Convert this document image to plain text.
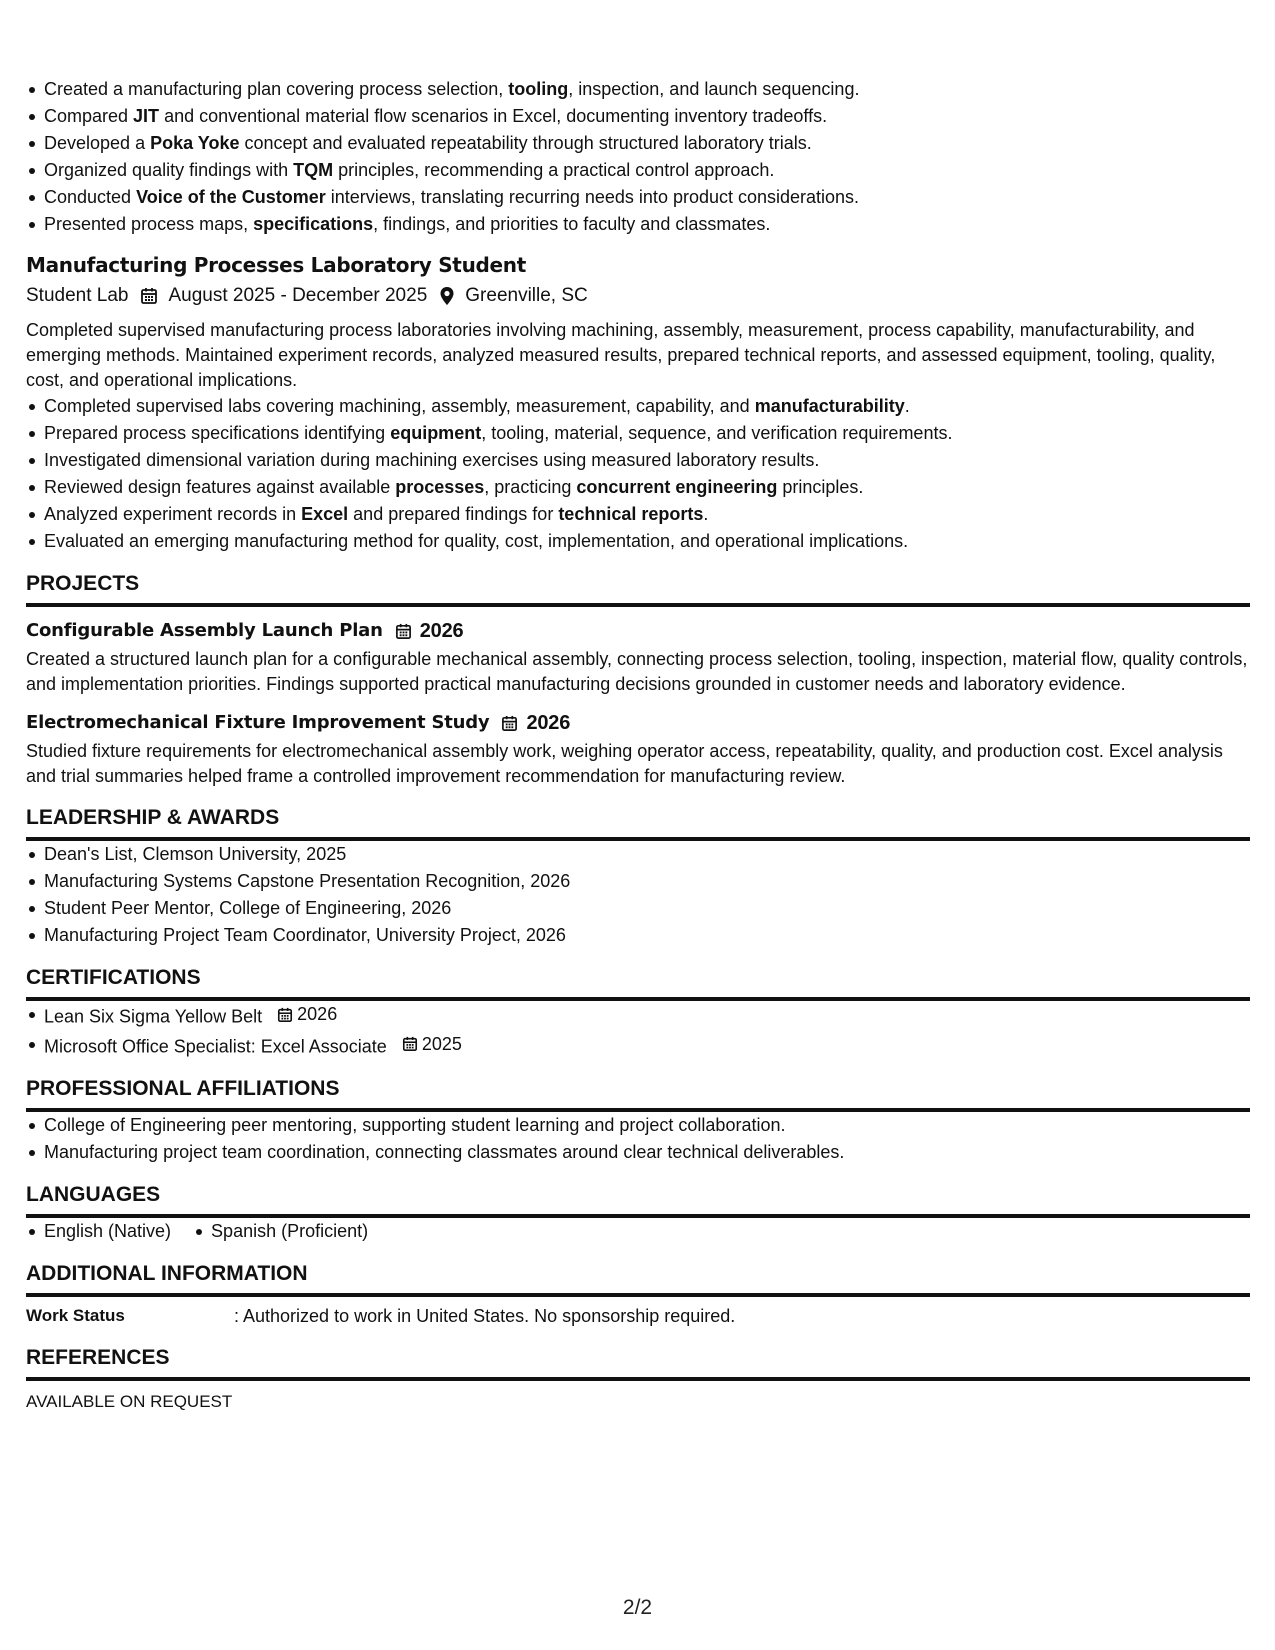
Created a manufacturing plan covering process selection, tooling, inspection, and launch sequencing.
Compared JIT and conventional material flow scenarios in Excel, documenting inventory tradeoffs.
Developed a Poka Yoke concept and evaluated repeatability through structured laboratory trials.
Organized quality findings with TQM principles, recommending a practical control approach.
Conducted Voice of the Customer interviews, translating recurring needs into product considerations.
Presented process maps, specifications, findings, and priorities to faculty and classmates.
Manufacturing Processes Laboratory Student
Student Lab August 2025 - December 2025 Greenville, SC
Completed supervised manufacturing process laboratories involving machining, assembly, measurement, process capability, manufacturability, and emerging methods. Maintained experiment records, analyzed measured results, prepared technical reports, and assessed equipment, tooling, quality, cost, and operational implications.
Completed supervised labs covering machining, assembly, measurement, capability, and manufacturability.
Prepared process specifications identifying equipment, tooling, material, sequence, and verification requirements.
Investigated dimensional variation during machining exercises using measured laboratory results.
Reviewed design features against available processes, practicing concurrent engineering principles.
Analyzed experiment records in Excel and prepared findings for technical reports.
Evaluated an emerging manufacturing method for quality, cost, implementation, and operational implications.
PROJECTS
Configurable Assembly Launch Plan 2026
Created a structured launch plan for a configurable mechanical assembly, connecting process selection, tooling, inspection, material flow, quality controls, and implementation priorities. Findings supported practical manufacturing decisions grounded in customer needs and laboratory evidence.
Electromechanical Fixture Improvement Study 2026
Studied fixture requirements for electromechanical assembly work, weighing operator access, repeatability, quality, and production cost. Excel analysis and trial summaries helped frame a controlled improvement recommendation for manufacturing review.
LEADERSHIP & AWARDS
Dean's List, Clemson University, 2025
Manufacturing Systems Capstone Presentation Recognition, 2026
Student Peer Mentor, College of Engineering, 2026
Manufacturing Project Team Coordinator, University Project, 2026
CERTIFICATIONS
Lean Six Sigma Yellow Belt 2026
Microsoft Office Specialist: Excel Associate 2025
PROFESSIONAL AFFILIATIONS
College of Engineering peer mentoring, supporting student learning and project collaboration.
Manufacturing project team coordination, connecting classmates around clear technical deliverables.
LANGUAGES
English (Native) Spanish (Proficient)
ADDITIONAL INFORMATION
Work Status	: Authorized to work in United States. No sponsorship required.
REFERENCES
AVAILABLE ON REQUEST
2/2
